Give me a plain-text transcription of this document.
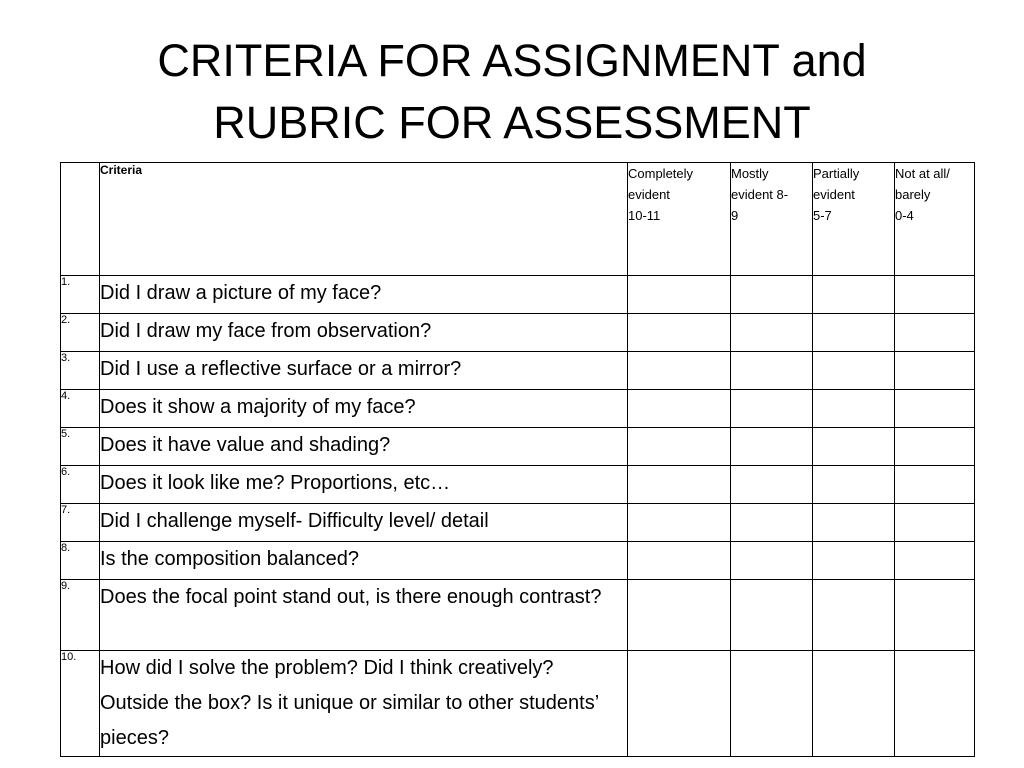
CRITERIA FOR ASSIGNMENT and
RUBRIC FOR ASSESSMENT
	Criteria	Completely
evident
10-11	Mostly
evident 8-
9	Partially
evident
5-7	Not at all/
barely
0-4

1.	Did I draw a picture of my face?				
2.	Did I draw my face from observation?				
3.	Did I use a reflective surface or a mirror?				
4.	Does it show a majority of my face?				
5.	Does it have value and shading?				
6.	Does it look like me? Proportions, etc…				
7.	Did I challenge myself- Difficulty level/ detail				
8.	Is the composition balanced?				
9.	Does the focal point stand out, is there enough contrast?				
10.	How did I solve the problem? Did I think creatively? Outside the box? Is it unique or similar to other students’ pieces?				
